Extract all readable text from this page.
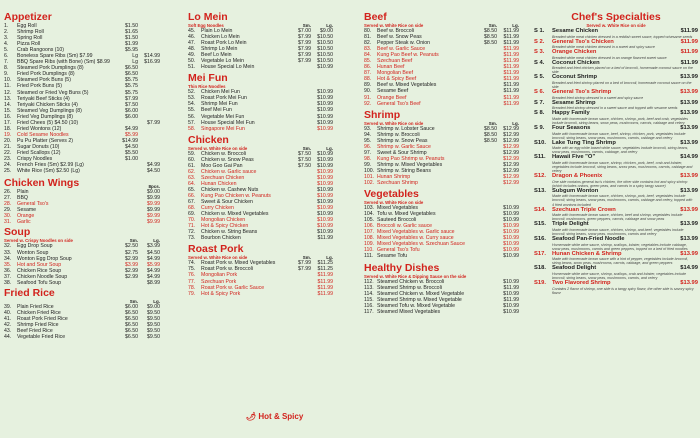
Appetizer
1.	Egg Roll	$1.50
2.	Shrimp Roll	$1.65
3.	Spring Roll	$1.50
4.	Pizza Roll	$1.99
5.	Crab Rangoons (10)	$5.95
6.	Boneless Spare Ribs (Sm) $7.99	Lg	$14.99
7.	BBQ Spare Ribs (with Bone) (Sm) $8.99	Lg	$16.99
8.	Steamed Pork Dumplings (8)	$6.50
9.	Fried Pork Dumplings (8)	$6.50
10.	Steamed Pork Buns (5)	$5.75
11.	Fried Pork Buns (5)	$5.75
12.	Steamed or Fried Veg Buns (5)	$5.75
13.	Teriyaki Beef Sticks (4)	$7.99
14.	Teriyaki Chicken Sticks (4)	$7.50
15.	Steamed Veg Dumplings (8)	$6.00
16.	Fried Veg Dumplings (8)	$6.00
17.	Fried Chees (5) $4.50 (10)	$7.99
18.	Fried Wontons (12)	$4.99
19.	Cold Sesame Noodles	$5.99
20.	Pu Pu Platter (Serves 2)	$14.99
21.	Sugar Donuts (10)	$4.50
22.	Fried Scallops (12)	$5.50
23.	Crispy Noodles	$1.00
24.	French Fries (Sm) $2.99 (Lg)	$4.99
25.	White Rice (Sm) $2.50 (Lg)	$4.50
Chicken Wings	8pcs.
26.	Plain	$9.00
27.	BBQ	$9.99
28.	General Tso's	$9.99
29.	Sesame	$9.99
30.	Orange	$9.99
31.	Garlic	$9.99
Soup
Served w. Crispy Noodles on side	Sm.	Lg.
32.	Egg Drop Soup	$2.50	$3.99
33.	Wonton Soup	$2.75	$4.50
34.	Wonton Egg Drop Soup	$2.99	$4.99
35.	Hot and Sour Soup	$3.99	$5.99
36.	Chicken Rice Soup	$2.99	$4.99
37.	Chicken Noodle Soup	$2.99	$4.99
38.	Seafood Tofu Soup	$8.99
Fried Rice
Sm.	Lg.
39.	Plain Fried Rice	$6.00	$9.00
40.	Chicken Fried Rice	$6.50	$9.50
41.	Roast Pork Fried Rice	$6.50	$9.50
42.	Shrimp Fried Rice	$6.50	$9.50
43.	Beef Fried Rice	$6.50	$9.50
44.	Vegetable Fried Rice	$6.50	$9.50
Lo Mein
Soft Egg Noodles	Sm.	Lg.
45.	Plain Lo Mein	$7.00	$9.00
46.	Chicken Lo Mein	$7.99	$10.50
47.	Roast Pork Lo Mein	$7.99	$10.50
48.	Shrimp Lo Mein	$7.99	$10.50
49.	Beef Lo Mein	$7.99	$10.50
50.	Vegetable Lo Mein	$7.99	$10.50
51.	House Special Lo Mein	$10.99
Mei Fun
Thin Rice Noodles
52.	Chicken Mei Fun	$10.99
53.	Roast Pork Mei Fun	$10.99
54.	Shrimp Mei Fun	$10.99
55.	Beef Mei Fun	$10.99
56.	Vegetable Mei Fun	$10.99
57.	House Special Mei Fun	$10.99
58.	Singapore Mei Fun	$10.99
Chicken
Served w. White Rice on side	Sm.	Lg.
59.	Chicken w. Broccoli	$7.50	$10.99
60.	Chicken w. Snow Peas	$7.50	$10.99
61.	Moo Goo Gai Pan	$7.50	$10.99
62.	Chicken w. Garlic sauce	$10.99
63.	Szechuan Chicken	$10.99
64.	Hunan Chicken	$10.99
65.	Chicken w. Cashew Nuts	$10.99
66.	Kung Pao Chicken w. Peanuts	$10.99
67.	Sweet & Sour Chicken	$10.99
68.	Curry Chicken	$10.99
69.	Chicken w. Mixed Vegetables	$10.99
70.	Mongolian Chicken	$10.99
71.	Hot & Spicy Chicken	$10.99
72.	Chicken w. String Beans	$10.99
73.	Bourbon Chicken	$11.99
Roast Pork
Served w. White Rice on side	Sm.	Lg.
74.	Roast Pork w. Mixed Vegetables	$7.99	$11.25
75.	Roast Pork w. Broccoli	$7.99	$11.25
76.	Mongolian Pork	$11.99
77.	Szechuan Pork	$11.99
78.	Roast Pork w. Garlic Sauce	$11.99
79.	Hot & Spicy Pork	$11.99
Beef
Served w. White Rice on side	Sm.	Lg.
80.	Beef w. Broccoli	$8.50	$11.99
81.	Beef w. Snow Peas	$8.50	$11.99
82.	Pepper Steak w. Onion	$8.50	$11.99
83.	Beef w. Garlic Sauce	$11.99
84.	Kung Pao Beef w. Peanuts	$11.99
85.	Szechuan Beef	$11.99
86.	Hunan Beef	$11.99
87.	Mongolian Beef	$11.99
88.	Hot & Spicy Beef	$11.99
89.	Beef w. Mixed Vegetables	$11.99
90.	Sesame Beef	$11.99
91.	Orange Beef	$11.99
92.	General Tso's Beef	$11.99
Shrimp
Served w. White Rice on side	Sm.	Lg.
93.	Shrimp w. Lobster Sauce	$8.50	$12.99
94.	Shrimp w. Broccoli	$8.50	$12.99
95.	Shrimp w. Snow Peas	$8.50	$12.99
96.	Shrimp w. Garlic Sauce	$12.99
97.	Sweet & Sour Shrimp	$12.99
98.	Kung Pao Shrimp w. Peanuts	$12.99
99.	Shrimp w. Mixed Vegetables	$12.99
100. Shrimp w. String Beans	$12.99
101. Hunan Shrimp	$12.99
102. Szechuan Shrimp	$12.99
Vegetables
Served w. White Rice on side
103. Mixed Vegetables	$10.99
104. Tofu w. Mixed Vegetables	$10.99
105. Sauteed Broccoli	$10.99
106. Broccoli w. Garlic sauce	$10.99
107. Mixed Vegetables w. Garlic sauce	$10.99
108. Mixed Vegetables w. Curry sauce	$10.99
109. Mixed Vegetables w. Szechuan Sauce	$10.99
110. General Tso's Tofu	$10.99
111. Sesame Tofu	$10.99
Healthy Dishes
Served w. White Rice & Dipping Sauce on the side
112. Steamed Chicken w. Broccoli	$10.99
113. Steamed Shrimp w. Broccoli	$11.99
114. Steamed Chicken w. Mixed Vegetable	$10.99
115. Steamed Shrimp w. Mixed Vegetable	$11.99
116. Steamed Tofu w. Mixed Vegetable	$10.99
117. Steamed Mixed Vegetables	$10.99
Chef's Specialties
Served w. White Rice on side
S 1.	Sesame Chicken	$11.99
Breaded white meat chicken dressed in a reddish sweet sauce, topped w/sesame seeds
S 2.	General Tso's Chicken	$11.99
Breaded white meat chicken dressed in a sweet and spicy sauce
S 3.	Orange Chicken	$11.99
Breaded white meat chicken dressed in an orange flavored sweet sauce
S 4.	Coconut Chicken	$11.99
Breaded and fried chicken placed on a bed of broccoli, homemade coconut sauce on the side
S 5.	Coconut Shrimp	$13.99
Breaded and fried shrimp placed on a bed of broccoli, homemade coconut sauce on the side
S 6.	General Tso's Shrimp	$13.99
Breaded fried shrimp dressed in a sweet and spicy sauce
S 7.	Sesame Shrimp	$13.99
Breaded fried shrimp dressed in a sweet sauce and topped with sesame seeds
S 8.	Happy Family	$13.99
Made with homemade brown sauce, chicken, shrimp, pork, beef and crab, vegetables include broccoli, string beans, snow peas, mushrooms, carrots, cabbage and celery
S 9.	Four Seasons	$13.99
Made with homemade brown sauce, beef, shrimp, chicken, pork, vegetables include broccoli, string beans, snow peas, mushrooms, carrots, cabbage and celery
S10.	Lake Tung Ting Shrimp	$13.99
Made with an egg white based white sauce, vegetables include broccoli, string beans, snow peas, mushrooms, carrots, cabbage, and celery
S11.	Hawaii Five "O"	$14.99
Made with homemade brown sauce, shrimp, chicken, pork, beef, crab and lobster, vegetables include broccoli, string beans, snow peas, mushrooms, carrots, cabbage and celery
S12.	Dragon & Phoenix	$13.99
One side contains general tso's chicken, the other side contains hot and spicy shrimp (which includes onions, green peas, and carrots in a spicy tangy sauce)
S13.	Subgum Wonton	$13.99
Made with homemade brown sauce, chicken, shrimp, pork, beef, vegetables include broccoli, string beans, snow peas, mushrooms, carrots, cabbage and celery, topped with 4 fried wontons included
S14.	Szechuan Triple Crown	$13.99
Made with homemade brown sauce, chicken, beef and shrimp, vegetables include broccoli, mushrooms, green peppers, carrots, cabbage and snow peas
S15.	Triple Delight	$13.99
Made with homemade brown sauce, chicken, shrimp, and beef, vegetables include broccoli, string beans, snow peas, mushrooms, carrots and celery
S16.	Seafood Pan-Fried Noodle	$13.99
Homemade white wine sauce, shrimp, scallops, lobster, vegetables include cabbage, snow peas, mushrooms, carrots and green peppers, topped on a bed of fried noodles
S17.	Hunan Chicken & Shrimp	$13.99
Made with homemade brown sauce with a hint of pepper, vegetables include broccoli, string beans, snow peas, mushrooms, carrots, cabbage, and green peppers
S18.	Seafood Delight	$14.99
Homemade white wine sauce, shrimp, scallops, crab and lobster, vegetables include broccoli, string beans, snow peas, mushrooms, carrots, and celery
S19.	Two Flavored Shrimp	$13.99
Contains 2 flavor of shrimp, one side is a tangy spicy flavor, the other side is savory spicy flavor
🌶 Hot & Spicy
